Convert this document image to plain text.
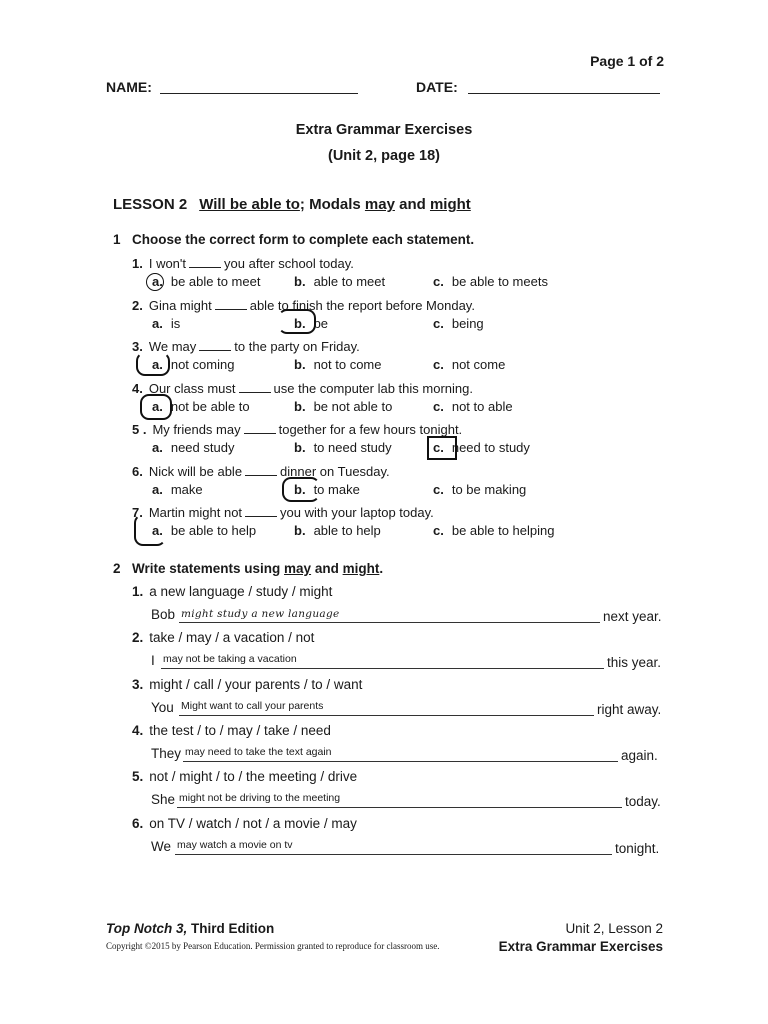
Page 1 of 2
NAME:	DATE:
Extra Grammar Exercises
(Unit 2, page 18)
LESSON 2 Will be able to; Modals may and might
1 Choose the correct form to complete each statement.
1. I won't	you after school today.
a. be able to meet	b. able to meet	c. be able to meets
2. Gina might	able to finish the report before Monday.
a. is	b. be	c. being
3. We may	to the party on Friday.
a. not coming	b. not to come	c. not come
4. Our class must	use the computer lab this morning.
a. not be able to	b. be not able to	c. not to able
5 . My friends may	together for a few hours tonight.
a. need study	b. to need study	c. need to study
6. Nick will be able	dinner on Tuesday.
a. make	b. to make	c. to be making
7. Martin might not	you with your laptop today.
a. be able to help	b. able to help	c. be able to helping
2 Write statements using may and might.
1. a new language / study / might
Bob might study a new language	next year.
2. take / may / a vacation / not
I may not be taking a vacation	this year.
3. might / call / your parents / to / want
You Might want to call your parents	right away.
4. the test / to / may / take / need
They may need to take the text again	again.
5. not / might / to / the meeting / drive
She might not be driving to the meeting	today.
6. on TV / watch / not / a movie / may
We may watch a movie on tv	tonight.
Top Notch 3, Third Edition
Copyright ©2015 by Pearson Education. Permission granted to reproduce for classroom use.
Unit 2, Lesson 2
Extra Grammar Exercises
